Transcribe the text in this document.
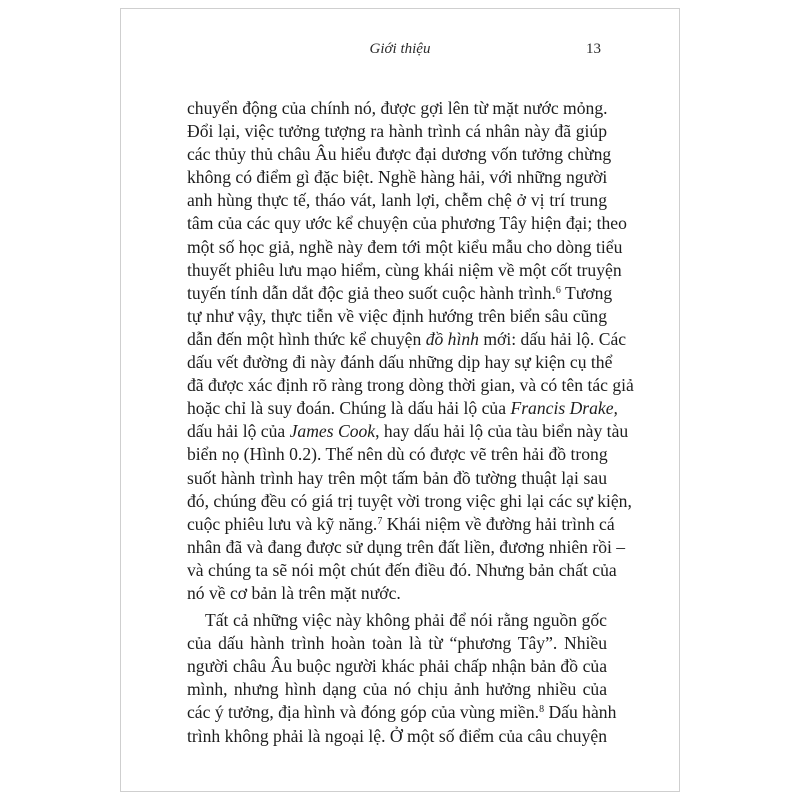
Giới thiệu	13
chuyển động của chính nó, được gợi lên từ mặt nước mỏng.
Đổi lại, việc tưởng tượng ra hành trình cá nhân này đã giúp
các thủy thủ châu Âu hiểu được đại dương vốn tưởng chừng
không có điểm gì đặc biệt. Nghề hàng hải, với những người
anh hùng thực tế, tháo vát, lanh lợi, chễm chệ ở vị trí trung
tâm của các quy ước kể chuyện của phương Tây hiện đại; theo
một số học giả, nghề này đem tới một kiểu mẫu cho dòng tiểu
thuyết phiêu lưu mạo hiểm, cùng khái niệm về một cốt truyện
tuyến tính dẫn dắt độc giả theo suốt cuộc hành trình.$^6$ Tương
tự như vậy, thực tiễn về việc định hướng trên biển sâu cũng
dẫn đến một hình thức kể chuyện đồ hình mới: dấu hải lộ. Các
dấu vết đường đi này đánh dấu những dịp hay sự kiện cụ thể
đã được xác định rõ ràng trong dòng thời gian, và có tên tác giả
hoặc chỉ là suy đoán. Chúng là dấu hải lộ của Francis Drake,
dấu hải lộ của James Cook, hay dấu hải lộ của tàu biển này tàu
biển nọ (Hình 0.2). Thế nên dù có được vẽ trên hải đồ trong
suốt hành trình hay trên một tấm bản đồ tường thuật lại sau
đó, chúng đều có giá trị tuyệt vời trong việc ghi lại các sự kiện,
cuộc phiêu lưu và kỹ năng.$^7$ Khái niệm về đường hải trình cá
nhân đã và đang được sử dụng trên đất liền, đương nhiên rồi –
và chúng ta sẽ nói một chút đến điều đó. Nhưng bản chất của
nó về cơ bản là trên mặt nước.
Tất cả những việc này không phải để nói rằng nguồn gốc
của dấu hành trình hoàn toàn là từ “phương Tây”. Nhiều
người châu Âu buộc người khác phải chấp nhận bản đồ của
mình, nhưng hình dạng của nó chịu ảnh hưởng nhiều của
các ý tưởng, địa hình và đóng góp của vùng miền.$^8$ Dấu hành
trình không phải là ngoại lệ. Ở một số điểm của câu chuyện
